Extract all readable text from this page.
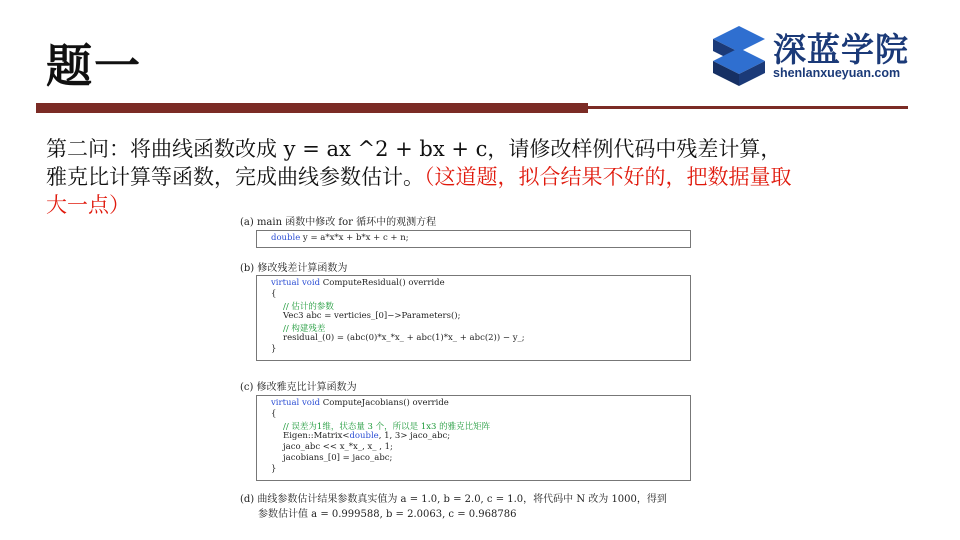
题一	深蓝学院
shenlanxueyuan.com
第二问：将曲线函数改成 y = ax ^2 + bx + c，请修改样例代码中残差计算，
雅克比计算等函数，完成曲线参数估计。（这道题，拟合结果不好的，把数据量取
大一点）
(a) main 函数中修改 for 循环中的观测方程
double y = a*x*x + b*x + c + n;
(b) 修改残差计算函数为
virtual void ComputeResidual() override
{
// 估计的参数
Vec3 abc = verticies_[0]−>Parameters();
// 构建残差
residual_(0) = (abc(0)*x_*x_ + abc(1)*x_ + abc(2)) − y_;
}
(c) 修改雅克比计算函数为
virtual void ComputeJacobians() override
{
// 误差为1维，状态量 3 个，所以是 1x3 的雅克比矩阵
Eigen::Matrix<double, 1, 3> jaco_abc;
jaco_abc << x_*x_, x_ , 1;
jacobians_[0] = jaco_abc;
}
(d) 曲线参数估计结果参数真实值为 a = 1.0, b = 2.0, c = 1.0，将代码中 N 改为 1000，得到
参数估计值 a = 0.999588, b = 2.0063, c = 0.968786
